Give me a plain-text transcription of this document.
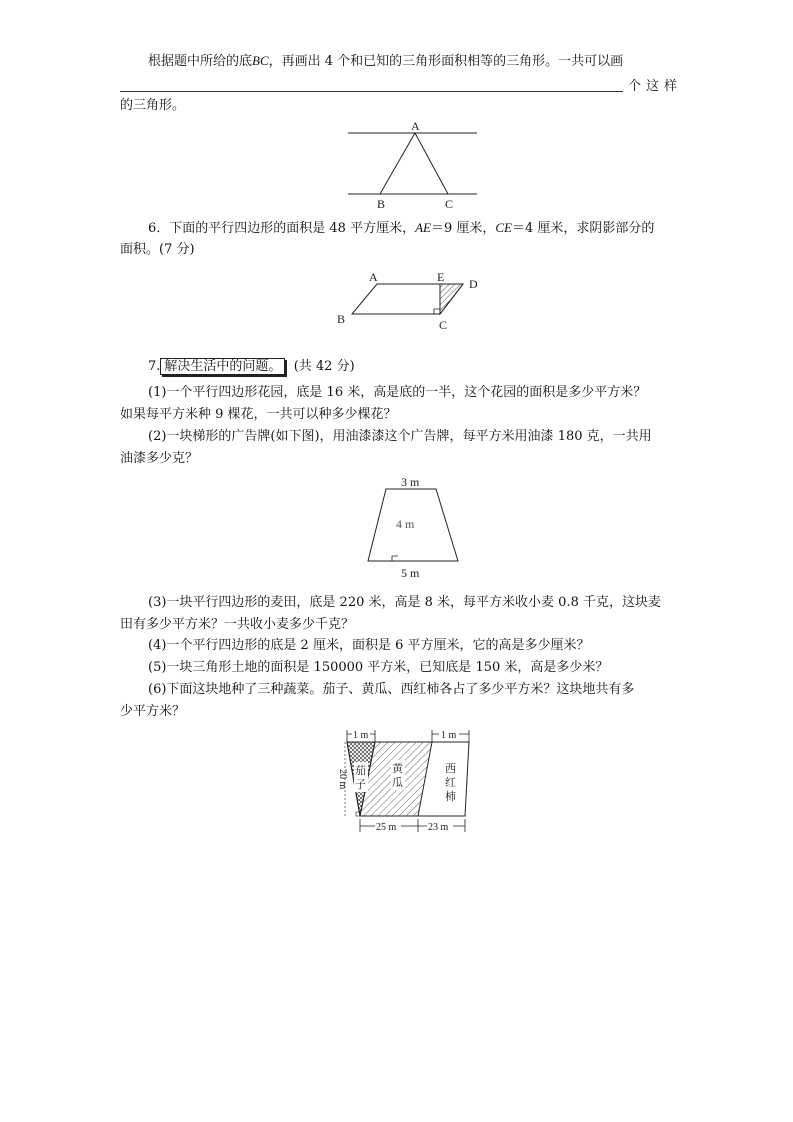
根据题中所给的底BC，再画出 4 个和已知的三角形面积相等的三角形。一共可以画
个这样
的三角形。
A
B	C
6．下面的平行四边形的面积是 48 平方厘米，AE＝9 厘米，CE＝4 厘米，求阴影部分的
面积。(7 分)
A	E D
B	C
7. 解决生活中的问题。 (共 42 分)
(1)一个平行四边形花园，底是 16 米，高是底的一半，这个花园的面积是多少平方米？
如果每平方米种 9 棵花，一共可以种多少棵花？
(2)一块梯形的广告牌(如下图)，用油漆漆这个广告牌，每平方米用油漆 180 克，一共用
油漆多少克？
3 m
4 m
5 m
(3)一块平行四边形的麦田，底是 220 米，高是 8 米，每平方米收小麦 0.8 千克，这块麦
田有多少平方米？一共收小麦多少千克？
(4)一个平行四边形的底是 2 厘米，面积是 6 平方厘米，它的高是多少厘米？
(5)一块三角形土地的面积是 150000 平方米，已知底是 150 米，高是多少米？
(6)下面这块地种了三种蔬菜。茄子、黄瓜、西红柿各占了多少平方米？这块地共有多
少平方米？
1 m	1 m
20 m 茄
子
黄
瓜
西
红
柿
25 m	23 m
